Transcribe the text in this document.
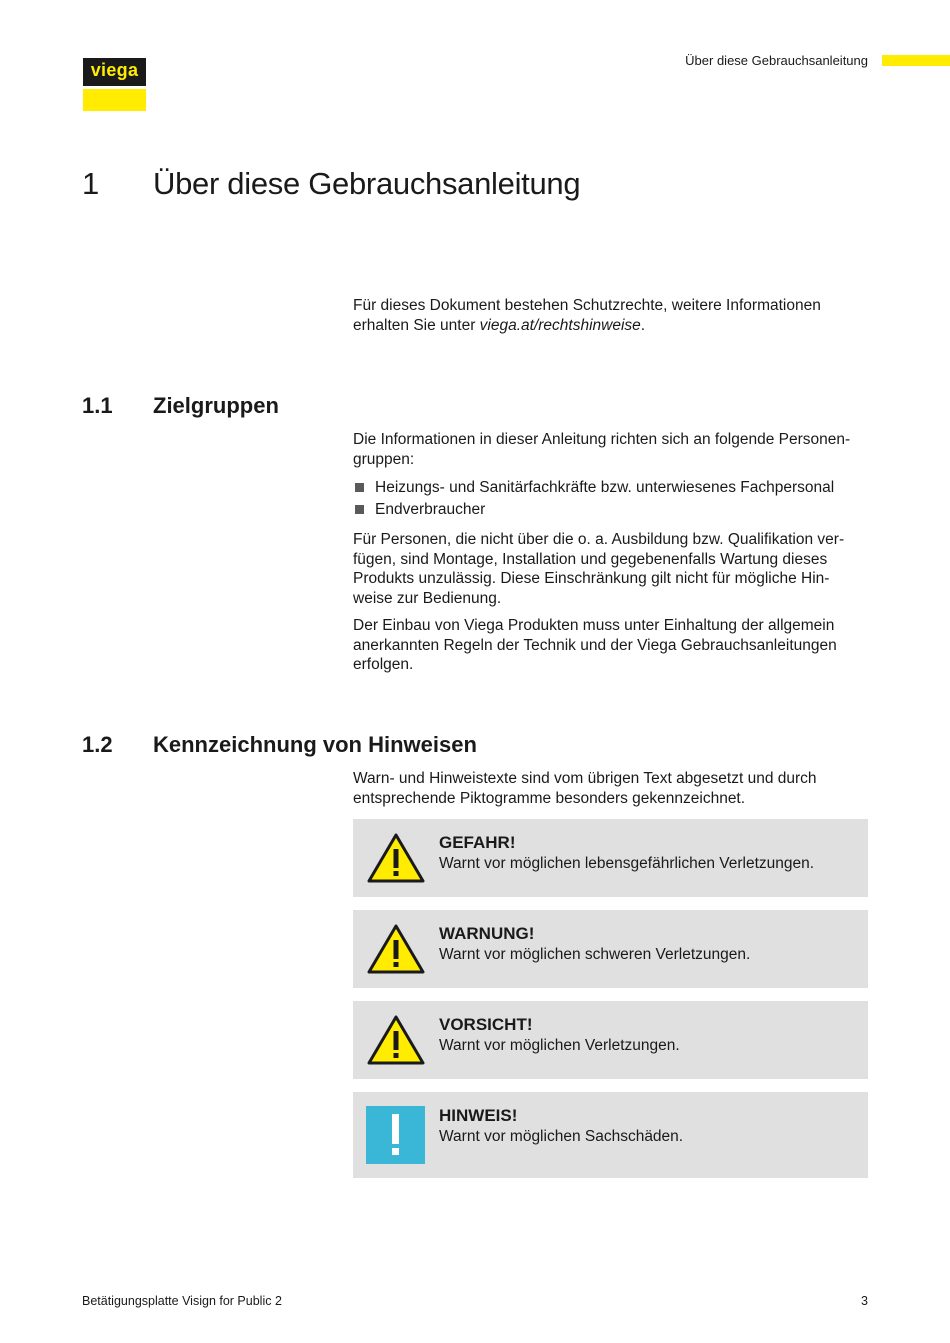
viega	Über diese Gebrauchsanleitung
1 Über diese Gebrauchsanleitung

Für dieses Dokument bestehen Schutzrechte, weitere Informationen

erhalten Sie unter viega.at/rechtshinweise.

1.1 Zielgruppen

Die Informationen in dieser Anleitung richten sich an folgende Personen-

gruppen:

Heizungs- und Sanitärfachkräfte bzw. unterwiesenes Fachpersonal
Endverbraucher

Für Personen, die nicht über die o. a. Ausbildung bzw. Qualifikation ver-

fügen, sind Montage, Installation und gegebenenfalls Wartung dieses

Produkts unzulässig. Diese Einschränkung gilt nicht für mögliche Hin-

weise zur Bedienung.

Der Einbau von Viega Produkten muss unter Einhaltung der allgemein

anerkannten Regeln der Technik und der Viega Gebrauchsanleitungen

erfolgen.

1.2 Kennzeichnung von Hinweisen

Warn- und Hinweistexte sind vom übrigen Text abgesetzt und durch

entsprechende Piktogramme besonders gekennzeichnet.

GEFAHR!
Warnt vor möglichen lebensgefährlichen Verletzungen.
WARNUNG!
Warnt vor möglichen schweren Verletzungen.
VORSICHT!
Warnt vor möglichen Verletzungen.
HINWEIS!
Warnt vor möglichen Sachschäden.
Betätigungsplatte Visign for Public 2	3
